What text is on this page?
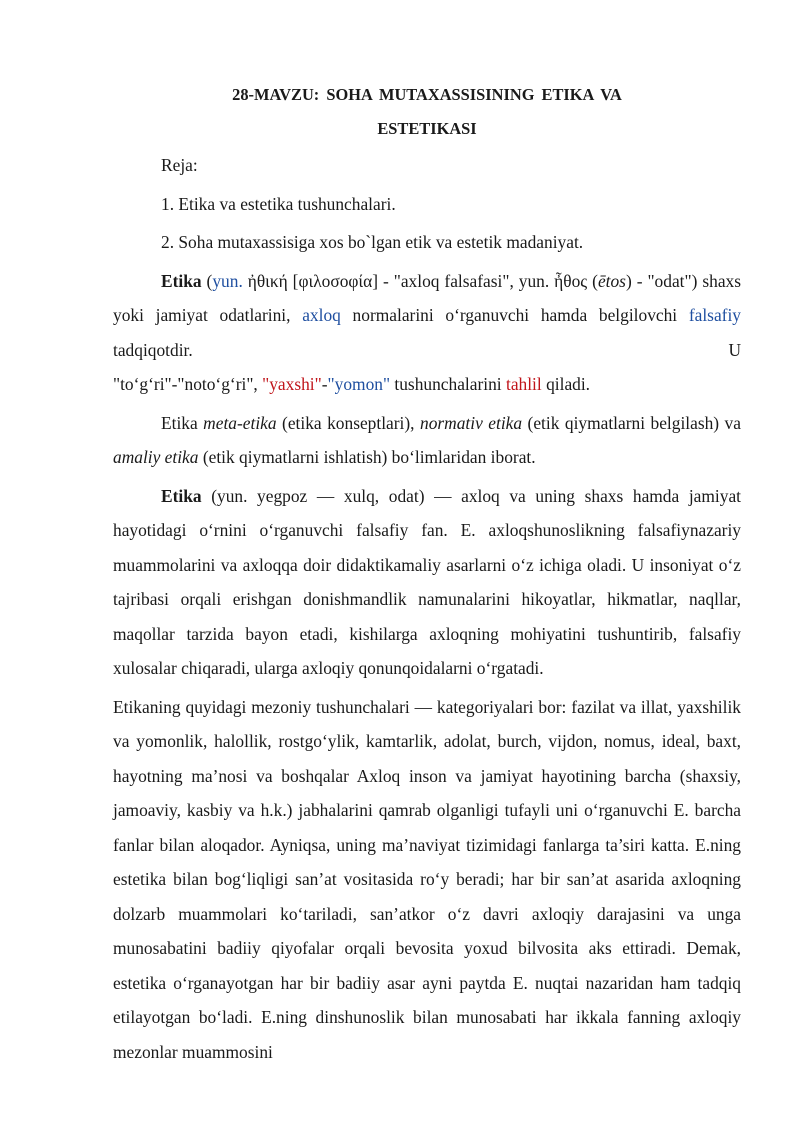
28-MAVZU: SOHA MUTAXASSISINING ETIKA VA
ESTETIKASI

Reja:

1. Etika va estetika tushunchalari.

2. Soha mutaxassisiga xos bo`lgan etik va estetik madaniyat.

Etika (yun. ἠθική [φιλοσοφία] - "axloq falsafasi", yun. ἦθος (ētos) - "odat") shaxs yoki jamiyat odatlarini, axloq normalarini o‘rganuvchi hamda belgilovchi falsafiy tadqiqotdir.	U

"to‘g‘ri"-"noto‘g‘ri", "yaxshi"-"yomon" tushunchalarini tahlil qiladi.

Etika meta-etika (etika konseptlari), normativ etika (etik qiymatlarni belgilash) va amaliy etika (etik qiymatlarni ishlatish) bo‘limlaridan iborat.

Etika (yun. yegpoz — xulq, odat) — axloq va uning shaxs hamda jamiyat hayotidagi o‘rnini o‘rganuvchi falsafiy fan. E. axloqshunoslikning falsafiynazariy muammolarini va axloqqa doir didaktikamaliy asarlarni o‘z ichiga oladi. U insoniyat o‘z tajribasi orqali erishgan donishmandlik namunalarini hikoyatlar, hikmatlar, naqllar, maqollar tarzida bayon etadi, kishilarga axloqning mohiyatini tushuntirib, falsafiy xulosalar chiqaradi, ularga axloqiy qonunqoidalarni o‘rgatadi.

Etikaning quyidagi mezoniy tushunchalari — kategoriyalari bor: fazilat va illat, yaxshilik va yomonlik, halollik, rostgo‘ylik, kamtarlik, adolat, burch, vijdon, nomus, ideal, baxt, hayotning ma’nosi va boshqalar Axloq inson va jamiyat hayotining barcha (shaxsiy, jamoaviy, kasbiy va h.k.) jabhalarini qamrab olganligi tufayli uni o‘rganuvchi E. barcha fanlar bilan aloqador. Ayniqsa, uning ma’naviyat tizimidagi fanlarga ta’siri katta. E.ning estetika bilan bog‘liqligi san’at vositasida ro‘y beradi; har bir san’at asarida axloqning dolzarb muammolari ko‘tariladi, san’atkor o‘z davri axloqiy darajasini va unga munosabatini badiiy qiyofalar orqali bevosita yoxud bilvosita aks ettiradi. Demak, estetika o‘rganayotgan har bir badiiy asar ayni paytda E. nuqtai nazaridan ham tadqiq etilayotgan bo‘ladi. E.ning dinshunoslik bilan munosabati har ikkala fanning axloqiy mezonlar muammosini
